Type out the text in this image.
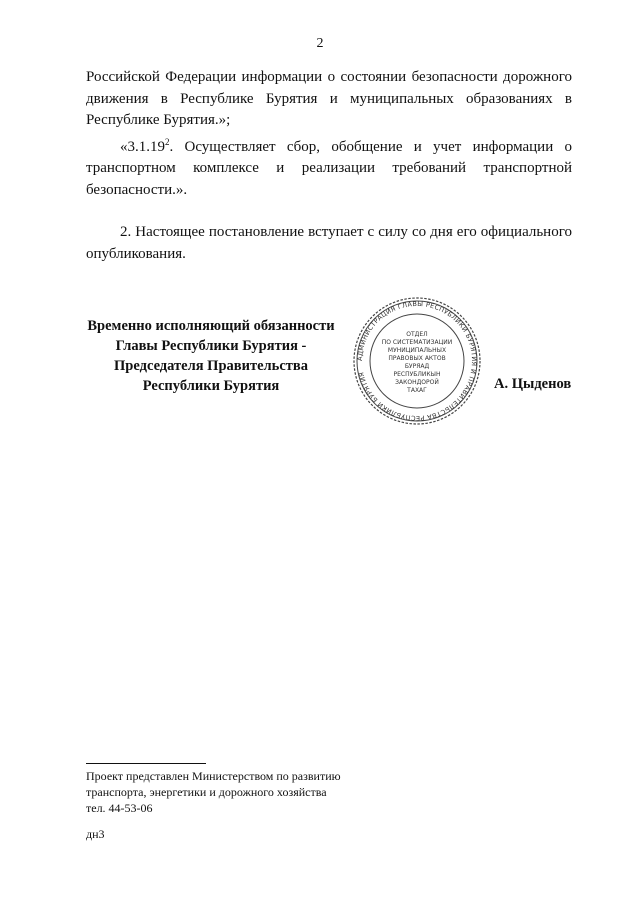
2

Российской Федерации информации о состоянии безопасности дорожного движения в Республике Бурятия и муниципальных образованиях в Республике Бурятия.»;

«3.1.19$^2$. Осуществляет сбор, обобщение и учет информации о транспортном комплексе и реализации требований транспортной безопасности.».

2. Настоящее постановление вступает с силу со дня его официального опубликования.

Временно исполняющий обязанности
Главы Республики Бурятия -
Председателя Правительства
Республики Бурятия
АДМИНИСТРАЦИЯ ГЛАВЫ РЕСПУБЛИКИ БУРЯТИЯ И ПРАВИТЕЛЬСТВА РЕСПУБЛИКИ БУРЯТИЯ
ОТДЕЛ
ПО СИСТЕМАТИЗАЦИИ
МУНИЦИПАЛЬНЫХ
ПРАВОВЫХ АКТОВ
БУРЯАД
РЕСПУБЛИКЫН
ЗАКОНДОРОЙ
ТАХАГ	А. Цыденов
Проект представлен Министерством по развитию
транспорта, энергетики и дорожного хозяйства
тел. 44-53-06
дн3
